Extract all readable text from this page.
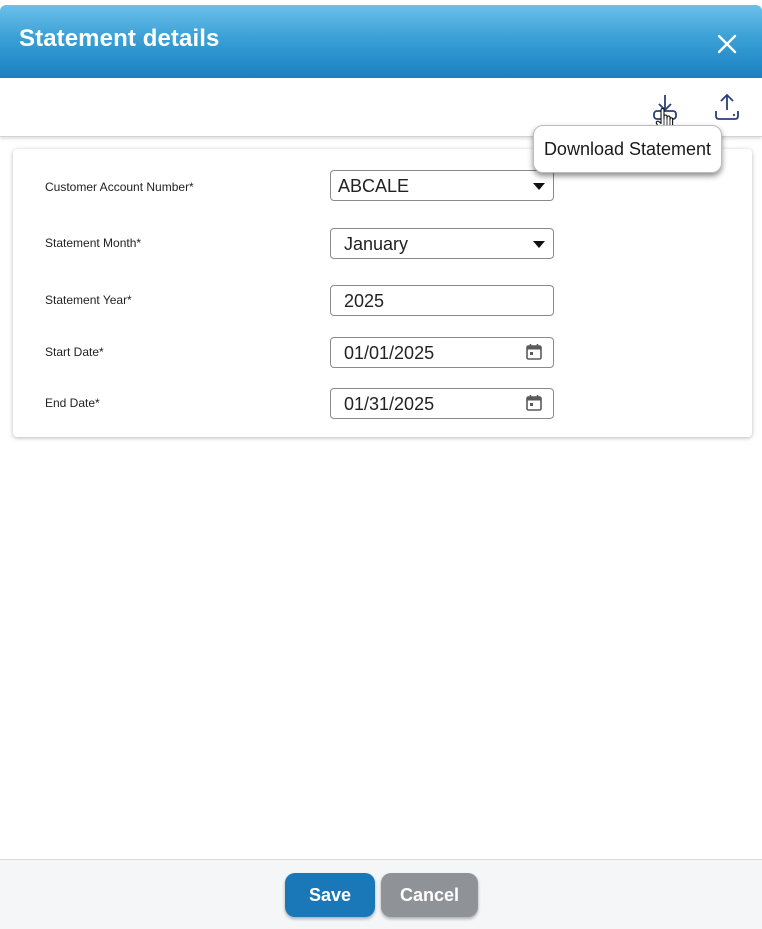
Statement details
Download Statement
Customer Account Number*	ABCALE
Statement Month*	January
Statement Year*	2025
Start Date*	01/01/2025
End Date*	01/31/2025
Save	Cancel
